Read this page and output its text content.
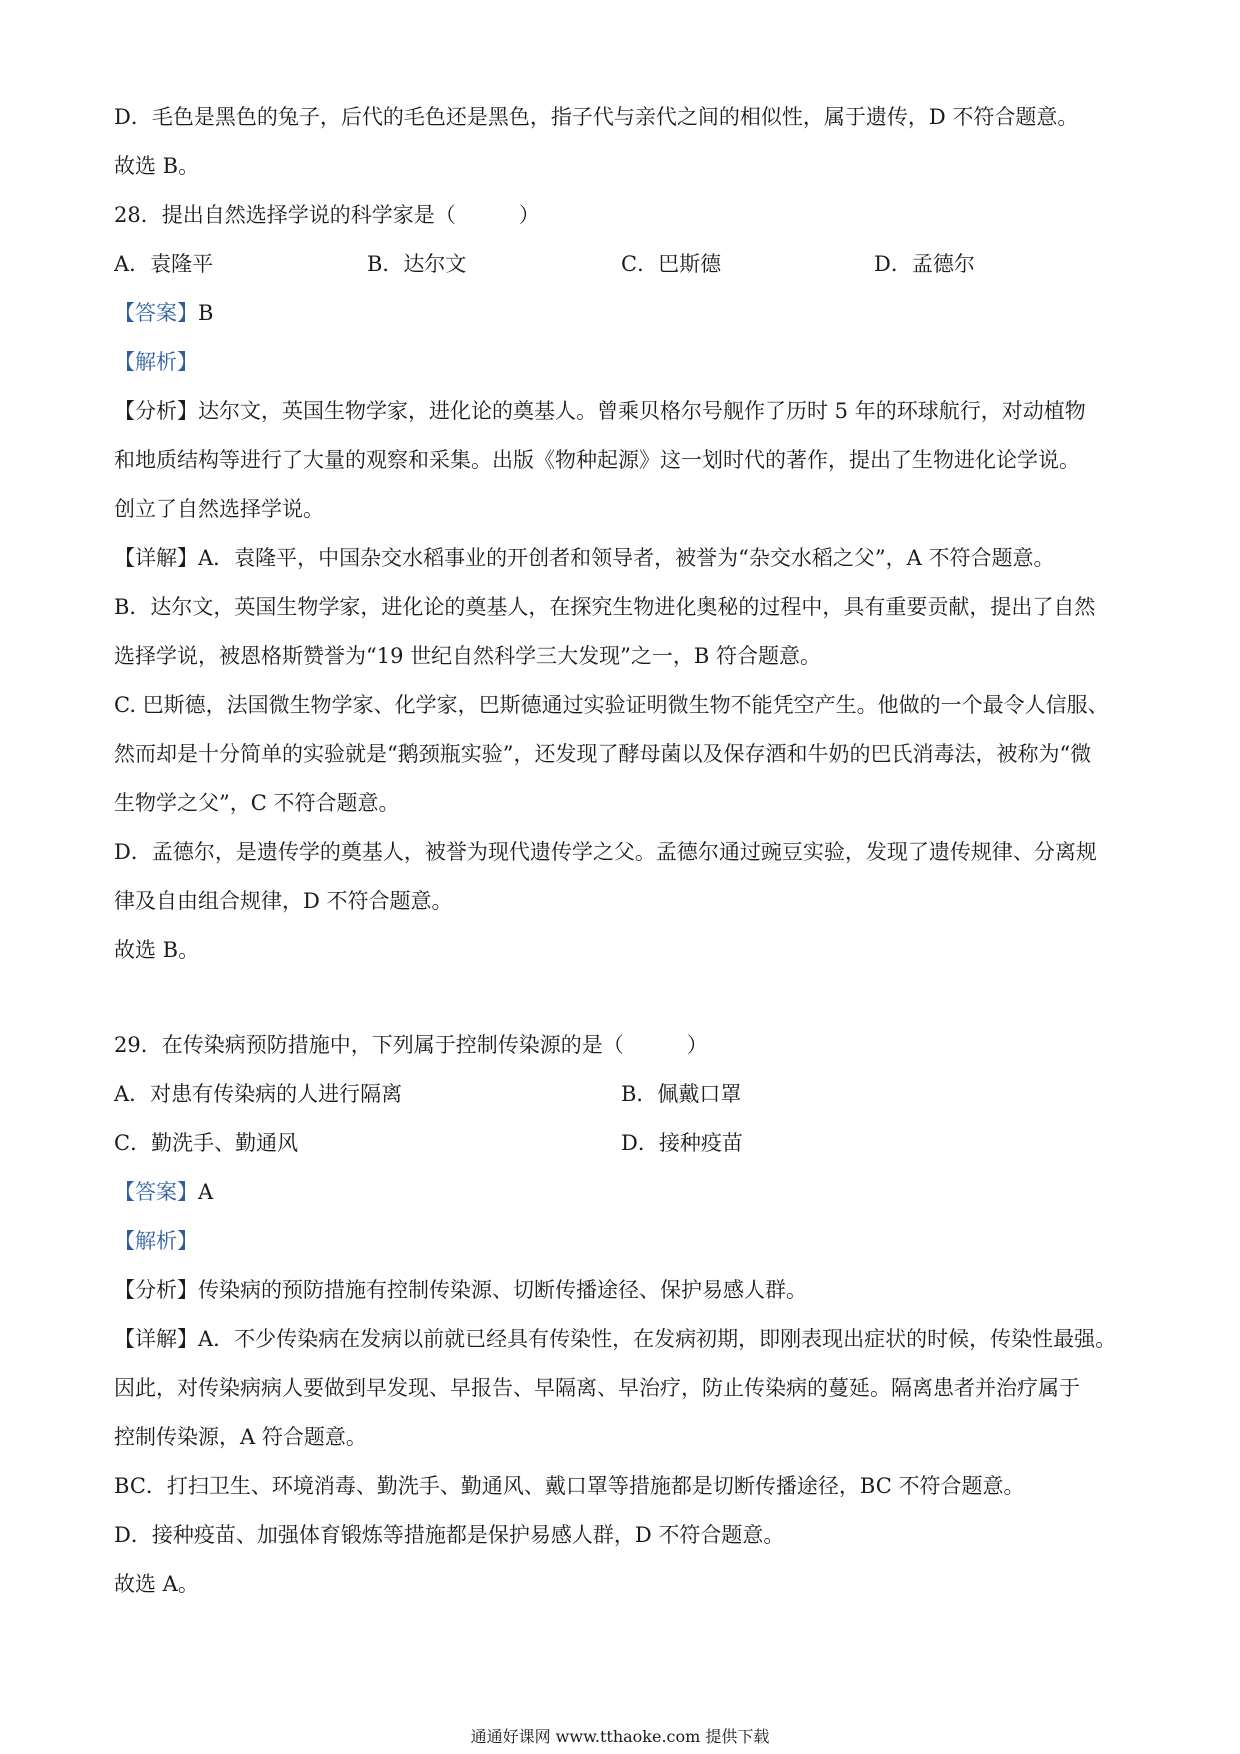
D．毛色是黑色的兔子，后代的毛色还是黑色，指子代与亲代之间的相似性，属于遗传，D 不符合题意。
故选 B。
28．提出自然选择学说的科学家是（　　　）
A．袁隆平	B．达尔文	C．巴斯德	D．孟德尔
【答案】B
【解析】
【分析】达尔文，英国生物学家，进化论的奠基人。曾乘贝格尔号舰作了历时 5 年的环球航行，对动植物
和地质结构等进行了大量的观察和采集。出版《物种起源》这一划时代的著作，提出了生物进化论学说。
创立了自然选择学说。
【详解】A．袁隆平，中国杂交水稻事业的开创者和领导者，被誉为“杂交水稻之父”，A 不符合题意。
B．达尔文，英国生物学家，进化论的奠基人，在探究生物进化奥秘的过程中，具有重要贡献，提出了自然
选择学说，被恩格斯赞誉为“19 世纪自然科学三大发现”之一，B 符合题意。
C. 巴斯德，法国微生物学家、化学家，巴斯德通过实验证明微生物不能凭空产生。他做的一个最令人信服、
然而却是十分简单的实验就是“鹅颈瓶实验”，还发现了酵母菌以及保存酒和牛奶的巴氏消毒法，被称为“微
生物学之父”，C 不符合题意。
D．孟德尔，是遗传学的奠基人，被誉为现代遗传学之父。孟德尔通过豌豆实验，发现了遗传规律、分离规
律及自由组合规律，D 不符合题意。
故选 B。
29．在传染病预防措施中，下列属于控制传染源的是（　　　）
A．对患有传染病的人进行隔离	B．佩戴口罩
C．勤洗手、勤通风	D．接种疫苗
【答案】A
【解析】
【分析】传染病的预防措施有控制传染源、切断传播途径、保护易感人群。
【详解】A．不少传染病在发病以前就已经具有传染性，在发病初期，即刚表现出症状的时候，传染性最强。
因此，对传染病病人要做到早发现、早报告、早隔离、早治疗，防止传染病的蔓延。隔离患者并治疗属于
控制传染源，A 符合题意。
BC．打扫卫生、环境消毒、勤洗手、勤通风、戴口罩等措施都是切断传播途径，BC 不符合题意。
D．接种疫苗、加强体育锻炼等措施都是保护易感人群，D 不符合题意。
故选 A。
通通好课网 www.tthaoke.com 提供下载
